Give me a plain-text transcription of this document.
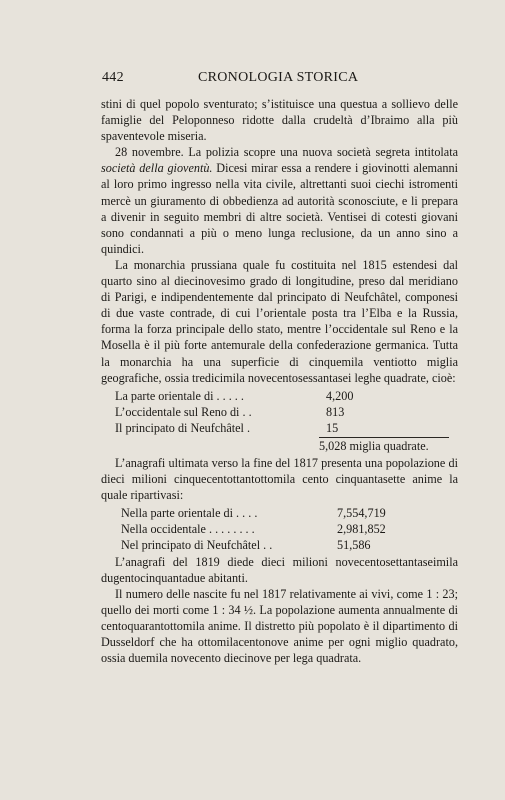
442	CRONOLOGIA STORICA

stini di quel popolo sventurato; s’istituisce una questua a sollievo delle famiglie del Peloponneso ridotte dalla crudeltà d’Ibraimo alla più spaventevole miseria.

28 novembre. La polizia scopre una nuova società segreta intitolata società della gioventù. Dicesi mirar essa a rendere i giovinotti alemanni al loro primo ingresso nella vita civile, altrettanti suoi ciechi istromenti mercè un giuramento di obbedienza ad autorità sconosciute, e li prepara a divenir in seguito membri di altre società. Ventisei di cotesti giovani sono condannati a più o meno lunga reclusione, da un anno sino a quindici.

La monarchia prussiana quale fu costituita nel 1815 estendesi dal quarto sino al diecinovesimo grado di longitudine, preso dal meridiano di Parigi, e indipendentemente dal principato di Neufchâtel, componesi di due vaste contrade, di cui l’orientale posta tra l’Elba e la Russia, forma la forza principale dello stato, mentre l’occidentale sul Reno e la Mosella è il più forte antemurale della confederazione germanica. Tutta la monarchia ha una superficie di cinquemila ventiotto miglia geografiche, ossia tredicimila novecentosessantasei leghe quadrate, cioè:

La parte orientale di . . . . .	4,200
L’occidentale sul Reno di . .	813
Il principato di Neufchâtel .	15
5,028 miglia quadrate.

L’anagrafi ultimata verso la fine del 1817 presenta una popolazione di dieci milioni cinquecentottantottomila cento cinquantasette anime la quale ripartivasi:

Nella parte orientale di . . . .	7,554,719
Nella occidentale . . . . . . . .	2,981,852
Nel principato di Neufchâtel . .	51,586

L’anagrafi del 1819 diede dieci milioni novecentosettantaseimila dugentocinquantadue abitanti.

Il numero delle nascite fu nel 1817 relativamente ai vivi, come 1 : 23; quello dei morti come 1 : 34 ½. La popolazione aumenta annualmente di centoquarantottomila anime. Il distretto più popolato è il dipartimento di Dusseldorf che ha ottomilacentonove anime per ogni miglio quadrato, ossia duemila novecento diecinove per lega quadrata.
